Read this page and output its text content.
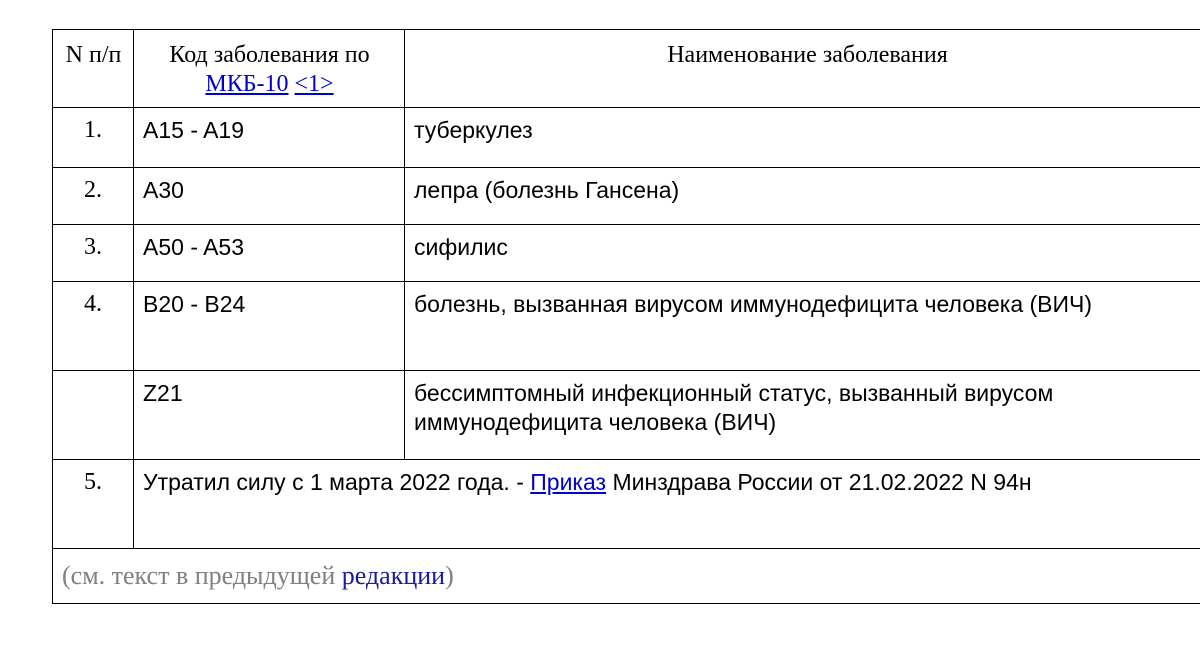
N п/п	Код заболевания по МКБ-10 <1>	Наименование заболевания
1.	A15 - A19	туберкулез
2.	A30	лепра (болезнь Гансена)
3.	A50 - A53	сифилис
4.	B20 - B24	болезнь, вызванная вирусом иммунодефицита человека (ВИЧ)
	Z21	бессимптомный инфекционный статус, вызванный вирусом иммунодефицита человека (ВИЧ)
5.	Утратил силу с 1 марта 2022 года. - Приказ Минздрава России от 21.02.2022 N 94н	
(см. текст в предыдущей редакции)		
